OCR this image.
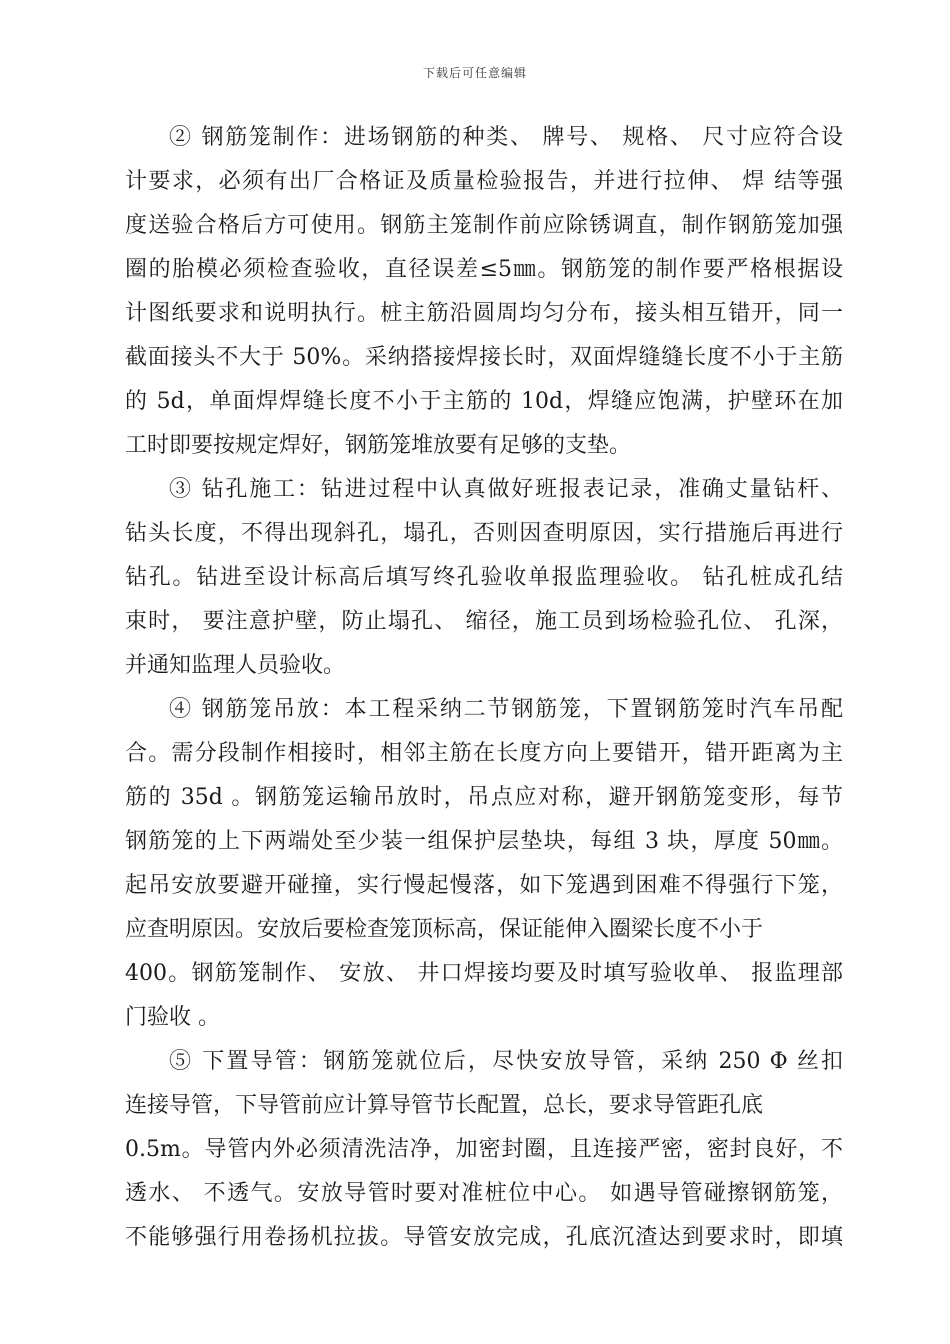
下载后可任意编辑
② 钢筋笼制作：进场钢筋的种类、 牌号、 规格、 尺寸应符合设
计要求，必须有出厂合格证及质量检验报告，并进行拉伸、 焊 结等强
度送验合格后方可使用。钢筋主笼制作前应除锈调直，制作钢筋笼加强
圈的胎模必须检查验收，直径误差≤5㎜。钢筋笼的制作要严格根据设
计图纸要求和说明执行。桩主筋沿圆周均匀分布，接头相互错开，同一
截面接头不大于 50%。采纳搭接焊接长时，双面焊缝缝长度不小于主筋
的 5d，单面焊焊缝长度不小于主筋的 10d，焊缝应饱满，护壁环在加
工时即要按规定焊好，钢筋笼堆放要有足够的支垫。
③ 钻孔施工：钻进过程中认真做好班报表记录，准确丈量钻杆、
钻头长度，不得出现斜孔，塌孔，否则因查明原因，实行措施后再进行
钻孔。钻进至设计标高后填写终孔验收单报监理验收。 钻孔桩成孔结
束时， 要注意护壁，防止塌孔、 缩径，施工员到场检验孔位、 孔深，
并通知监理人员验收。
④ 钢筋笼吊放：本工程采纳二节钢筋笼，下置钢筋笼时汽车吊配
合。需分段制作相接时，相邻主筋在长度方向上要错开，错开距离为主
筋的 35d 。钢筋笼运输吊放时，吊点应对称，避开钢筋笼变形，每节
钢筋笼的上下两端处至少装一组保护层垫块，每组 3 块，厚度 50㎜。
起吊安放要避开碰撞，实行慢起慢落，如下笼遇到困难不得强行下笼，
应查明原因。安放后要检查笼顶标高，保证能伸入圈梁长度不小于
400。钢筋笼制作、 安放、 井口焊接均要及时填写验收单、 报监理部
门验收 。
⑤ 下置导管：钢筋笼就位后，尽快安放导管，采纳 250 Φ 丝扣
连接导管，下导管前应计算导管节长配置，总长，要求导管距孔底
0.5m。导管内外必须清洗洁净，加密封圈，且连接严密，密封良好，不
透水、 不透气。安放导管时要对准桩位中心。 如遇导管碰擦钢筋笼，
不能够强行用卷扬机拉拔。导管安放完成，孔底沉渣达到要求时，即填
